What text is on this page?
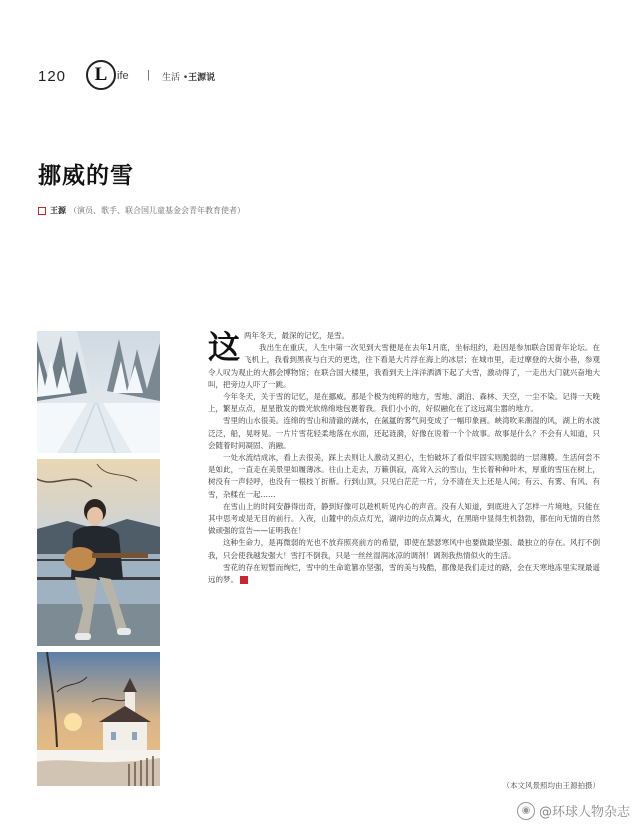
120	L ife | 生活 •王源说
挪威的雪
王源 （演员、歌手、联合国儿童基金会青年教育使者）

这两年冬天，最深的记忆，是雪。

我出生在重庆，人生中第一次见到大雪便是在去年1月底，坐标纽约，赴因是参加联合国青年论坛。在飞机上，我看到黑夜与白天的更迭，往下看是大片浮在海上的冰层；在城市里，走过摩登的大街小巷，参观令人叹为观止的大都会博物馆；在联合国大楼里，我看到天上洋洋洒洒下起了大雪，激动得了，一走出大门就兴奋地大叫，把旁边人吓了一跳。

今年冬天，关于雪的记忆，是在挪威。那是个极为纯粹的地方，雪地、湖泊、森林、天空，一尘不染。记得一天晚上，繁星点点，星星散发的微光软绵绵地包裹着我。我们小小的，好似融化在了这远离尘嚣的地方。

雪里的山水很美。连绵的雪山和清澈的湖水，在氤氲的雾气间变成了一幅印象画。峡湾吹来潮湿的风，湖上的水波泛泛，船，晃呀晃。一片片雪花轻柔地落在水面，还起涟漪，好像在说着一个个故事。故事是什么？不会有人知道，只会随着时间凝固、消融。

一处水流结成冰，看上去很美，踩上去则让人激动又担心，生怕破坏了看似牢固实则脆弱的一层薄膜。生活何尝不是如此，一直走在美景里如履薄冰。往山上走去，万籁俱寂，高耸入云的雪山，生长着种种叶木，厚重的雪压在树上，树没有一声轻呼，也没有一根枝丫折断。行到山顶，只见白茫茫一片，分不清在天上还是人间；有云、有雾、有风、有雪，杂糅在一起……

在雪山上的时间安静得出奇，静到好像可以趁机听见内心的声音。没有人知道，到底进入了怎样一片境地，只能在其中思考或是无目的前行。入夜，山麓中的点点灯光，湖岸边的点点篝火，在黑暗中显得生机勃勃，都在向无情的自然做顽强的宣告——证明我在！

这种生命力，是再微弱的光也不放弃照亮前方的希望，即使在瑟瑟寒风中也要做最坚强、最独立的存在。风打不倒我，只会使我越发强大！雪打不倒我，只是一丝丝湿润冰凉的调剂！调剂我热情似火的生活。

雪花的存在短暂而绚烂，雪中的生命诡篡亦坚强，雪的美与残酷，都像是我们走过的路，会在天寒地冻里实现最遥远的梦。	G

（本文风景照均由王源拍摄）
◉ @环球人物杂志
